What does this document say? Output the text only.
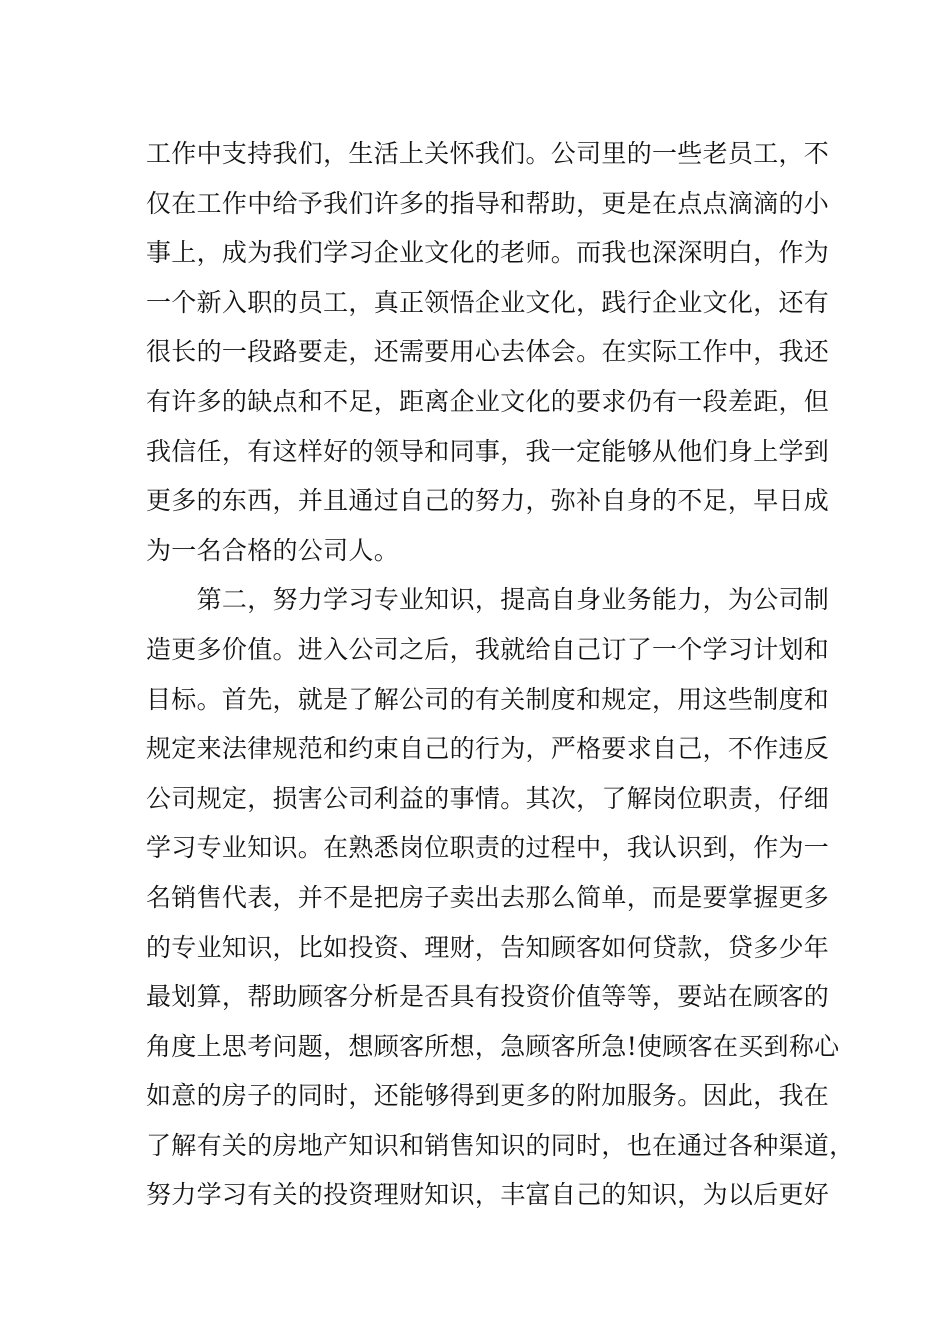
工作中支持我们，生活上关怀我们。公司里的一些老员工，不
仅在工作中给予我们许多的指导和帮助，更是在点点滴滴的小
事上，成为我们学习企业文化的老师。而我也深深明白，作为
一个新入职的员工，真正领悟企业文化，践行企业文化，还有
很长的一段路要走，还需要用心去体会。在实际工作中，我还
有许多的缺点和不足，距离企业文化的要求仍有一段差距，但
我信任，有这样好的领导和同事，我一定能够从他们身上学到
更多的东西，并且通过自己的努力，弥补自身的不足，早日成
为一名合格的公司人。
　　第二，努力学习专业知识，提高自身业务能力，为公司制
造更多价值。进入公司之后，我就给自己订了一个学习计划和
目标。首先，就是了解公司的有关制度和规定，用这些制度和
规定来法律规范和约束自己的行为，严格要求自己，不作违反
公司规定，损害公司利益的事情。其次，了解岗位职责，仔细
学习专业知识。在熟悉岗位职责的过程中，我认识到，作为一
名销售代表，并不是把房子卖出去那么简单，而是要掌握更多
的专业知识，比如投资、理财，告知顾客如何贷款，贷多少年
最划算，帮助顾客分析是否具有投资价值等等，要站在顾客的
角度上思考问题，想顾客所想，急顾客所急!使顾客在买到称心
如意的房子的同时，还能够得到更多的附加服务。因此，我在
了解有关的房地产知识和销售知识的同时，也在通过各种渠道，
努力学习有关的投资理财知识，丰富自己的知识，为以后更好
